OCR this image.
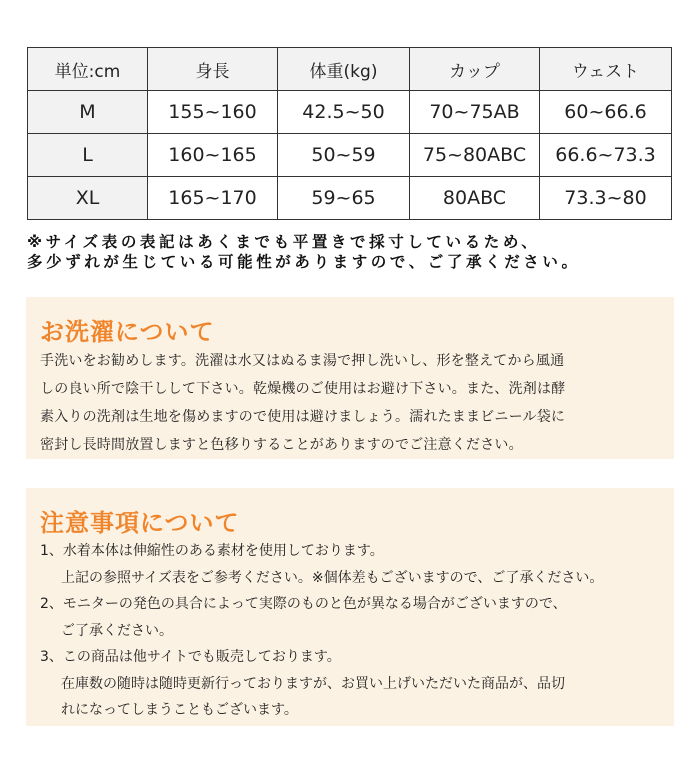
単位:cm	身長	体重(kg)	カップ	ウェスト
M	155~160	42.5~50	70~75AB	60~66.6
L	160~165	50~59	75~80ABC	66.6~73.3
XL	165~170	59~65	80ABC	73.3~80
※サイズ表の表記はあくまでも平置きで採寸しているため、
多少ずれが生じている可能性がありますので、ご了承ください。
お洗濯について
手洗いをお勧めします。洗濯は水又はぬるま湯で押し洗いし、形を整えてから風通
しの良い所で陰干しして下さい。乾燥機のご使用はお避け下さい。また、洗剤は酵
素入りの洗剤は生地を傷めますので使用は避けましょう。濡れたままビニール袋に
密封し長時間放置しますと色移りすることがありますのでご注意ください。
注意事項について
1、水着本体は伸縮性のある素材を使用しております。
上記の参照サイズ表をご参考ください。※個体差もございますので、ご了承ください。
2、モニターの発色の具合によって実際のものと色が異なる場合がございますので、
ご了承ください。
3、この商品は他サイトでも販売しております。
在庫数の随時は随時更新行っておりますが、お買い上げいただいた商品が、品切
れになってしまうこともございます。
